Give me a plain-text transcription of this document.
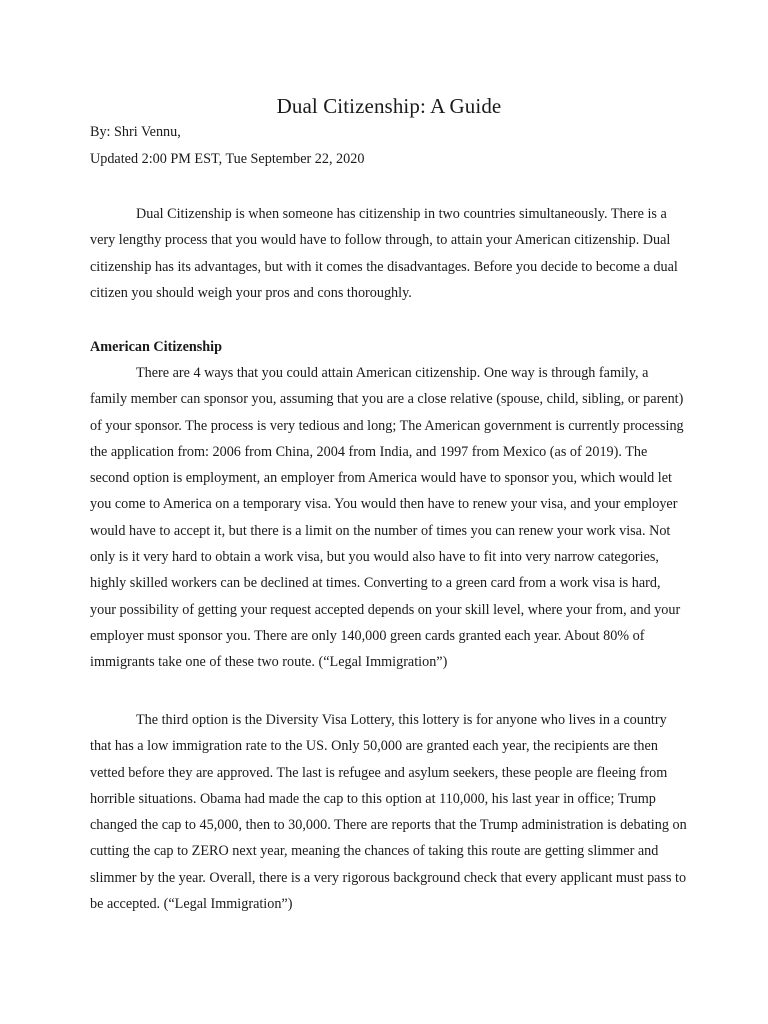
Dual Citizenship: A Guide

By: Shri Vennu,

Updated 2:00 PM EST, Tue September 22, 2020

Dual Citizenship is when someone has citizenship in two countries simultaneously. There is a very lengthy process that you would have to follow through, to attain your American citizenship. Dual citizenship has its advantages, but with it comes the disadvantages. Before you decide to become a dual citizen you should weigh your pros and cons thoroughly.

American Citizenship

There are 4 ways that you could attain American citizenship. One way is through family, a family member can sponsor you, assuming that you are a close relative (spouse, child, sibling, or parent) of your sponsor. The process is very tedious and long; The American government is currently processing the application from: 2006 from China, 2004 from India, and 1997 from Mexico (as of 2019). The second option is employment, an employer from America would have to sponsor you, which would let you come to America on a temporary visa. You would then have to renew your visa, and your employer would have to accept it, but there is a limit on the number of times you can renew your work visa. Not only is it very hard to obtain a work visa, but you would also have to fit into very narrow categories, highly skilled workers can be declined at times. Converting to a green card from a work visa is hard, your possibility of getting your request accepted depends on your skill level, where your from, and your employer must sponsor you. There are only 140,000 green cards granted each year. About 80% of immigrants take one of these two route. (“Legal Immigration”)

The third option is the Diversity Visa Lottery, this lottery is for anyone who lives in a country that has a low immigration rate to the US. Only 50,000 are granted each year, the recipients are then vetted before they are approved. The last is refugee and asylum seekers, these people are fleeing from horrible situations. Obama had made the cap to this option at 110,000, his last year in office; Trump changed the cap to 45,000, then to 30,000. There are reports that the Trump administration is debating on cutting the cap to ZERO next year, meaning the chances of taking this route are getting slimmer and slimmer by the year. Overall, there is a very rigorous background check that every applicant must pass to be accepted. (“Legal Immigration”)
